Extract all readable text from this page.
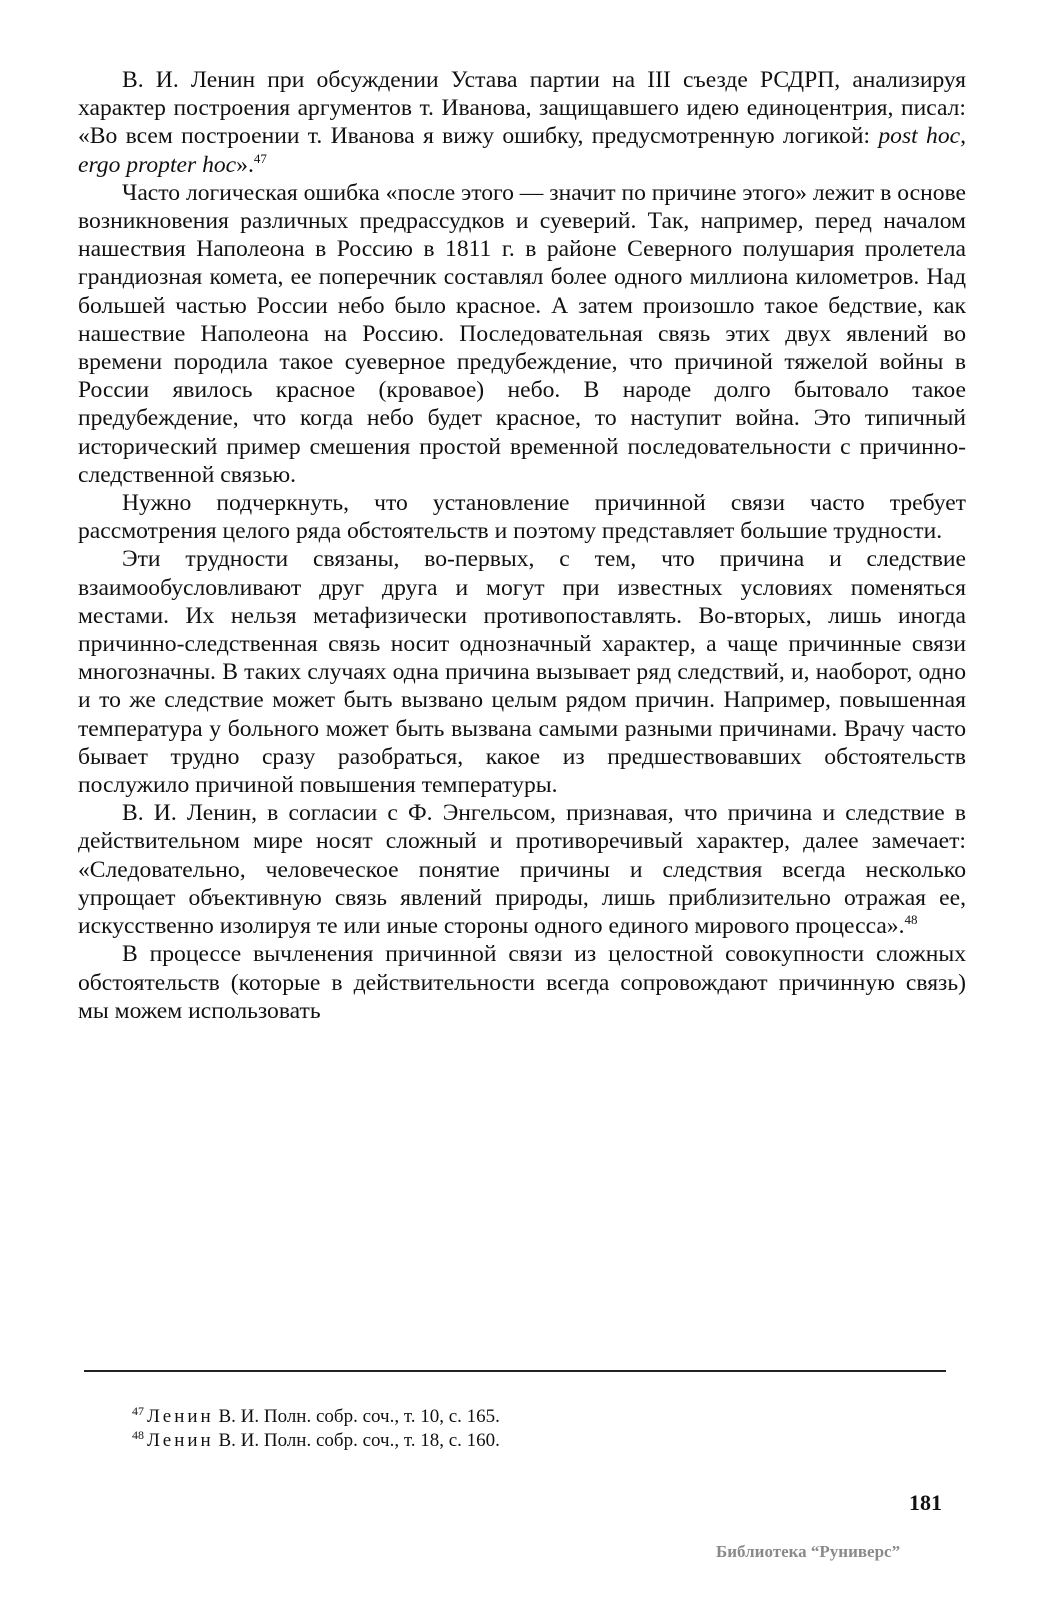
В. И. Ленин при обсуждении Устава партии на III съезде РСДРП, анализируя характер построения аргументов т. Иванова, защищавшего идею единоцентрия, писал: «Во всем построении т. Иванова я вижу ошибку, предусмотренную логикой: post hoc, ergo propter hoc».$^{47}$

Часто логическая ошибка «после этого — значит по причине этого» лежит в основе возникновения различных предрассудков и суеверий. Так, например, перед началом нашествия Наполеона в Россию в 1811 г. в районе Северного полушария пролетела грандиозная комета, ее поперечник составлял более одного миллиона километров. Над большей частью России небо было красное. А затем произошло такое бедствие, как нашествие Наполеона на Россию. Последовательная связь этих двух явлений во времени породила такое суеверное предубеждение, что причиной тяжелой войны в России явилось красное (кровавое) небо. В народе долго бытовало такое предубеждение, что когда небо будет красное, то наступит война. Это типичный исторический пример смешения простой временной последовательности с причинно-следственной связью.

Нужно подчеркнуть, что установление причинной связи часто требует рассмотрения целого ряда обстоятельств и поэтому представляет большие трудности.

Эти трудности связаны, во-первых, с тем, что причина и следствие взаимообусловливают друг друга и могут при известных условиях поменяться местами. Их нельзя метафизически противопоставлять. Во-вторых, лишь иногда причинно-следственная связь носит однозначный характер, а чаще причинные связи многозначны. В таких случаях одна причина вызывает ряд следствий, и, наоборот, одно и то же следствие может быть вызвано целым рядом причин. Например, повышенная температура у больного может быть вызвана самыми разными причинами. Врачу часто бывает трудно сразу разобраться, какое из предшествовавших обстоятельств послужило причиной повышения температуры.

В. И. Ленин, в согласии с Ф. Энгельсом, признавая, что причина и следствие в действительном мире носят сложный и противоречивый характер, далее замечает: «Следовательно, человеческое понятие причины и следствия всегда несколько упрощает объективную связь явлений природы, лишь приблизительно отражая ее, искусственно изолируя те или иные стороны одного единого мирового процесса».$^{48}$

В процессе вычленения причинной связи из целостной совокупности сложных обстоятельств (которые в действительности всегда сопровождают причинную связь) мы можем использовать

$^{47}$ Ленин В. И. Полн. собр. соч., т. 10, с. 165.

$^{48}$ Ленин В. И. Полн. собр. соч., т. 18, с. 160.

181
Библиотека “Руниверс”
